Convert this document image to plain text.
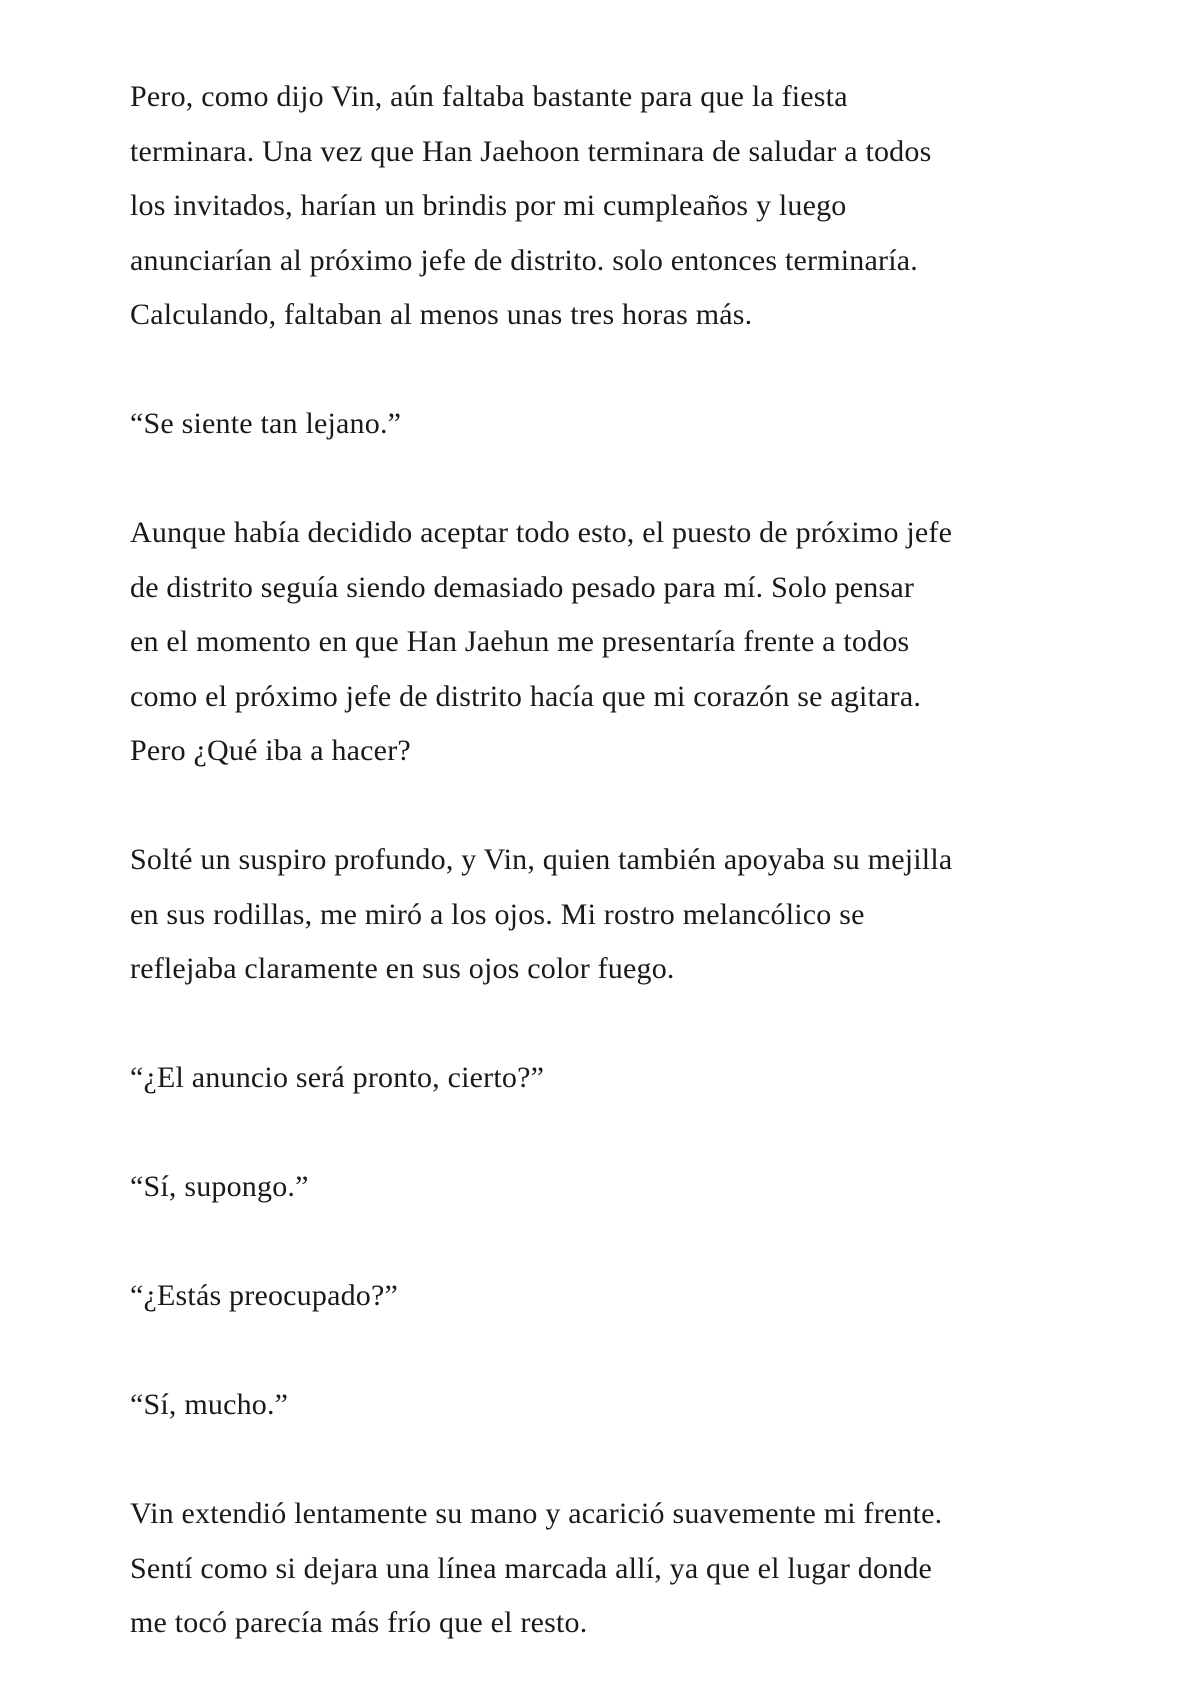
Pero, como dijo Vin, aún faltaba bastante para que la fiesta
terminara. Una vez que Han Jaehoon terminara de saludar a todos
los invitados, harían un brindis por mi cumpleaños y luego
anunciarían al próximo jefe de distrito. solo entonces terminaría.
Calculando, faltaban al menos unas tres horas más.

“Se siente tan lejano.”

Aunque había decidido aceptar todo esto, el puesto de próximo jefe
de distrito seguía siendo demasiado pesado para mí. Solo pensar
en el momento en que Han Jaehun me presentaría frente a todos
como el próximo jefe de distrito hacía que mi corazón se agitara.
Pero ¿Qué iba a hacer?

Solté un suspiro profundo, y Vin, quien también apoyaba su mejilla
en sus rodillas, me miró a los ojos. Mi rostro melancólico se
reflejaba claramente en sus ojos color fuego.

“¿El anuncio será pronto, cierto?”

“Sí, supongo.”

“¿Estás preocupado?”

“Sí, mucho.”

Vin extendió lentamente su mano y acarició suavemente mi frente.
Sentí como si dejara una línea marcada allí, ya que el lugar donde
me tocó parecía más frío que el resto.
